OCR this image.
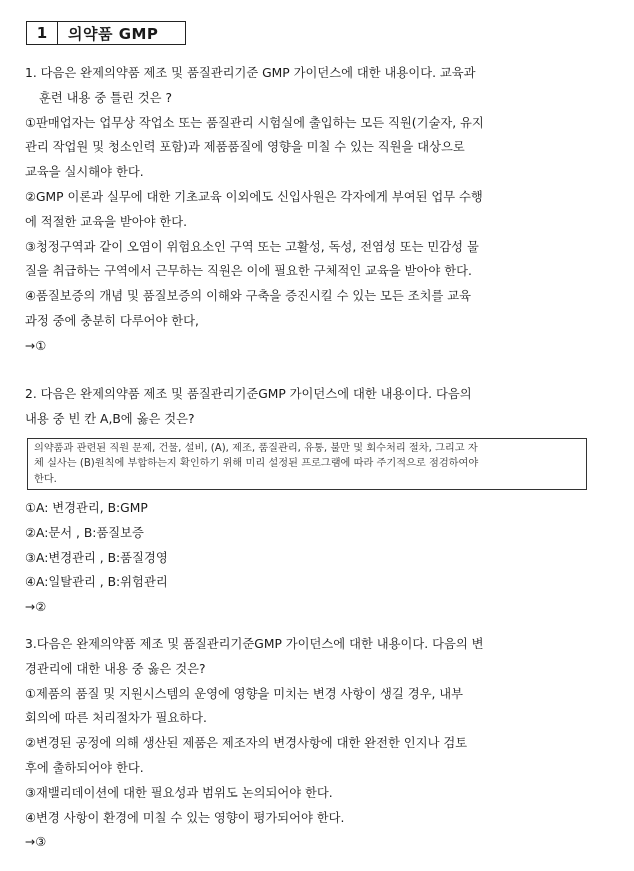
1	의약품 GMP
1. 다음은 완제의약품 제조 및 품질관리기준 GMP 가이던스에 대한 내용이다. 교육과
훈련 내용 중 틀린 것은 ?
①판매업자는 업무상 작업소 또는 품질관리 시험실에 출입하는 모든 직원(기술자, 유지
관리 작업원 및 청소인력 포함)과 제품품질에 영향을 미칠 수 있는 직원을 대상으로
교육을 실시해야 한다.
②GMP 이론과 실무에 대한 기초교육 이외에도 신입사원은 각자에게 부여된 업무 수행
에 적절한 교육을 받아야 한다.
③청정구역과 같이 오염이 위험요소인 구역 또는 고활성, 독성, 전염성 또는 민감성 물
질을 취급하는 구역에서 근무하는 직원은 이에 필요한 구체적인 교육을 받아야 한다.
④품질보증의 개념 및 품질보증의 이해와 구축을 증진시킬 수 있는 모든 조치를 교육
과정 중에 충분히 다루어야 한다,
→①
2. 다음은 완제의약품 제조 및 품질관리기준GMP 가이던스에 대한 내용이다. 다음의
내용 중 빈 칸 A,B에 옳은 것은?
의약품과 관련된 직원 문제, 건물, 설비, (A), 제조, 품질관리, 유통, 불만 및 회수처리 절차, 그리고 자
체 실사는 (B)원칙에 부합하는지 확인하기 위해 미리 설정된 프로그램에 따라 주기적으로 점검하여야
한다.
①A: 변경관리, B:GMP
②A:문서 , B:품질보증
③A:변경관리 , B:품질경영
④A:일탈관리 , B:위험관리
→②
3.다음은 완제의약품 제조 및 품질관리기준GMP 가이던스에 대한 내용이다. 다음의 변
경관리에 대한 내용 중 옳은 것은?
①제품의 품질 및 지원시스템의 운영에 영향을 미치는 변경 사항이 생길 경우, 내부
회의에 따른 처리절차가 필요하다.
②변경된 공정에 의해 생산된 제품은 제조자의 변경사항에 대한 완전한 인지나 검토
후에 출하되어야 한다.
③재밸리데이션에 대한 필요성과 범위도 논의되어야 한다.
④변경 사항이 환경에 미칠 수 있는 영향이 평가되어야 한다.
→③
